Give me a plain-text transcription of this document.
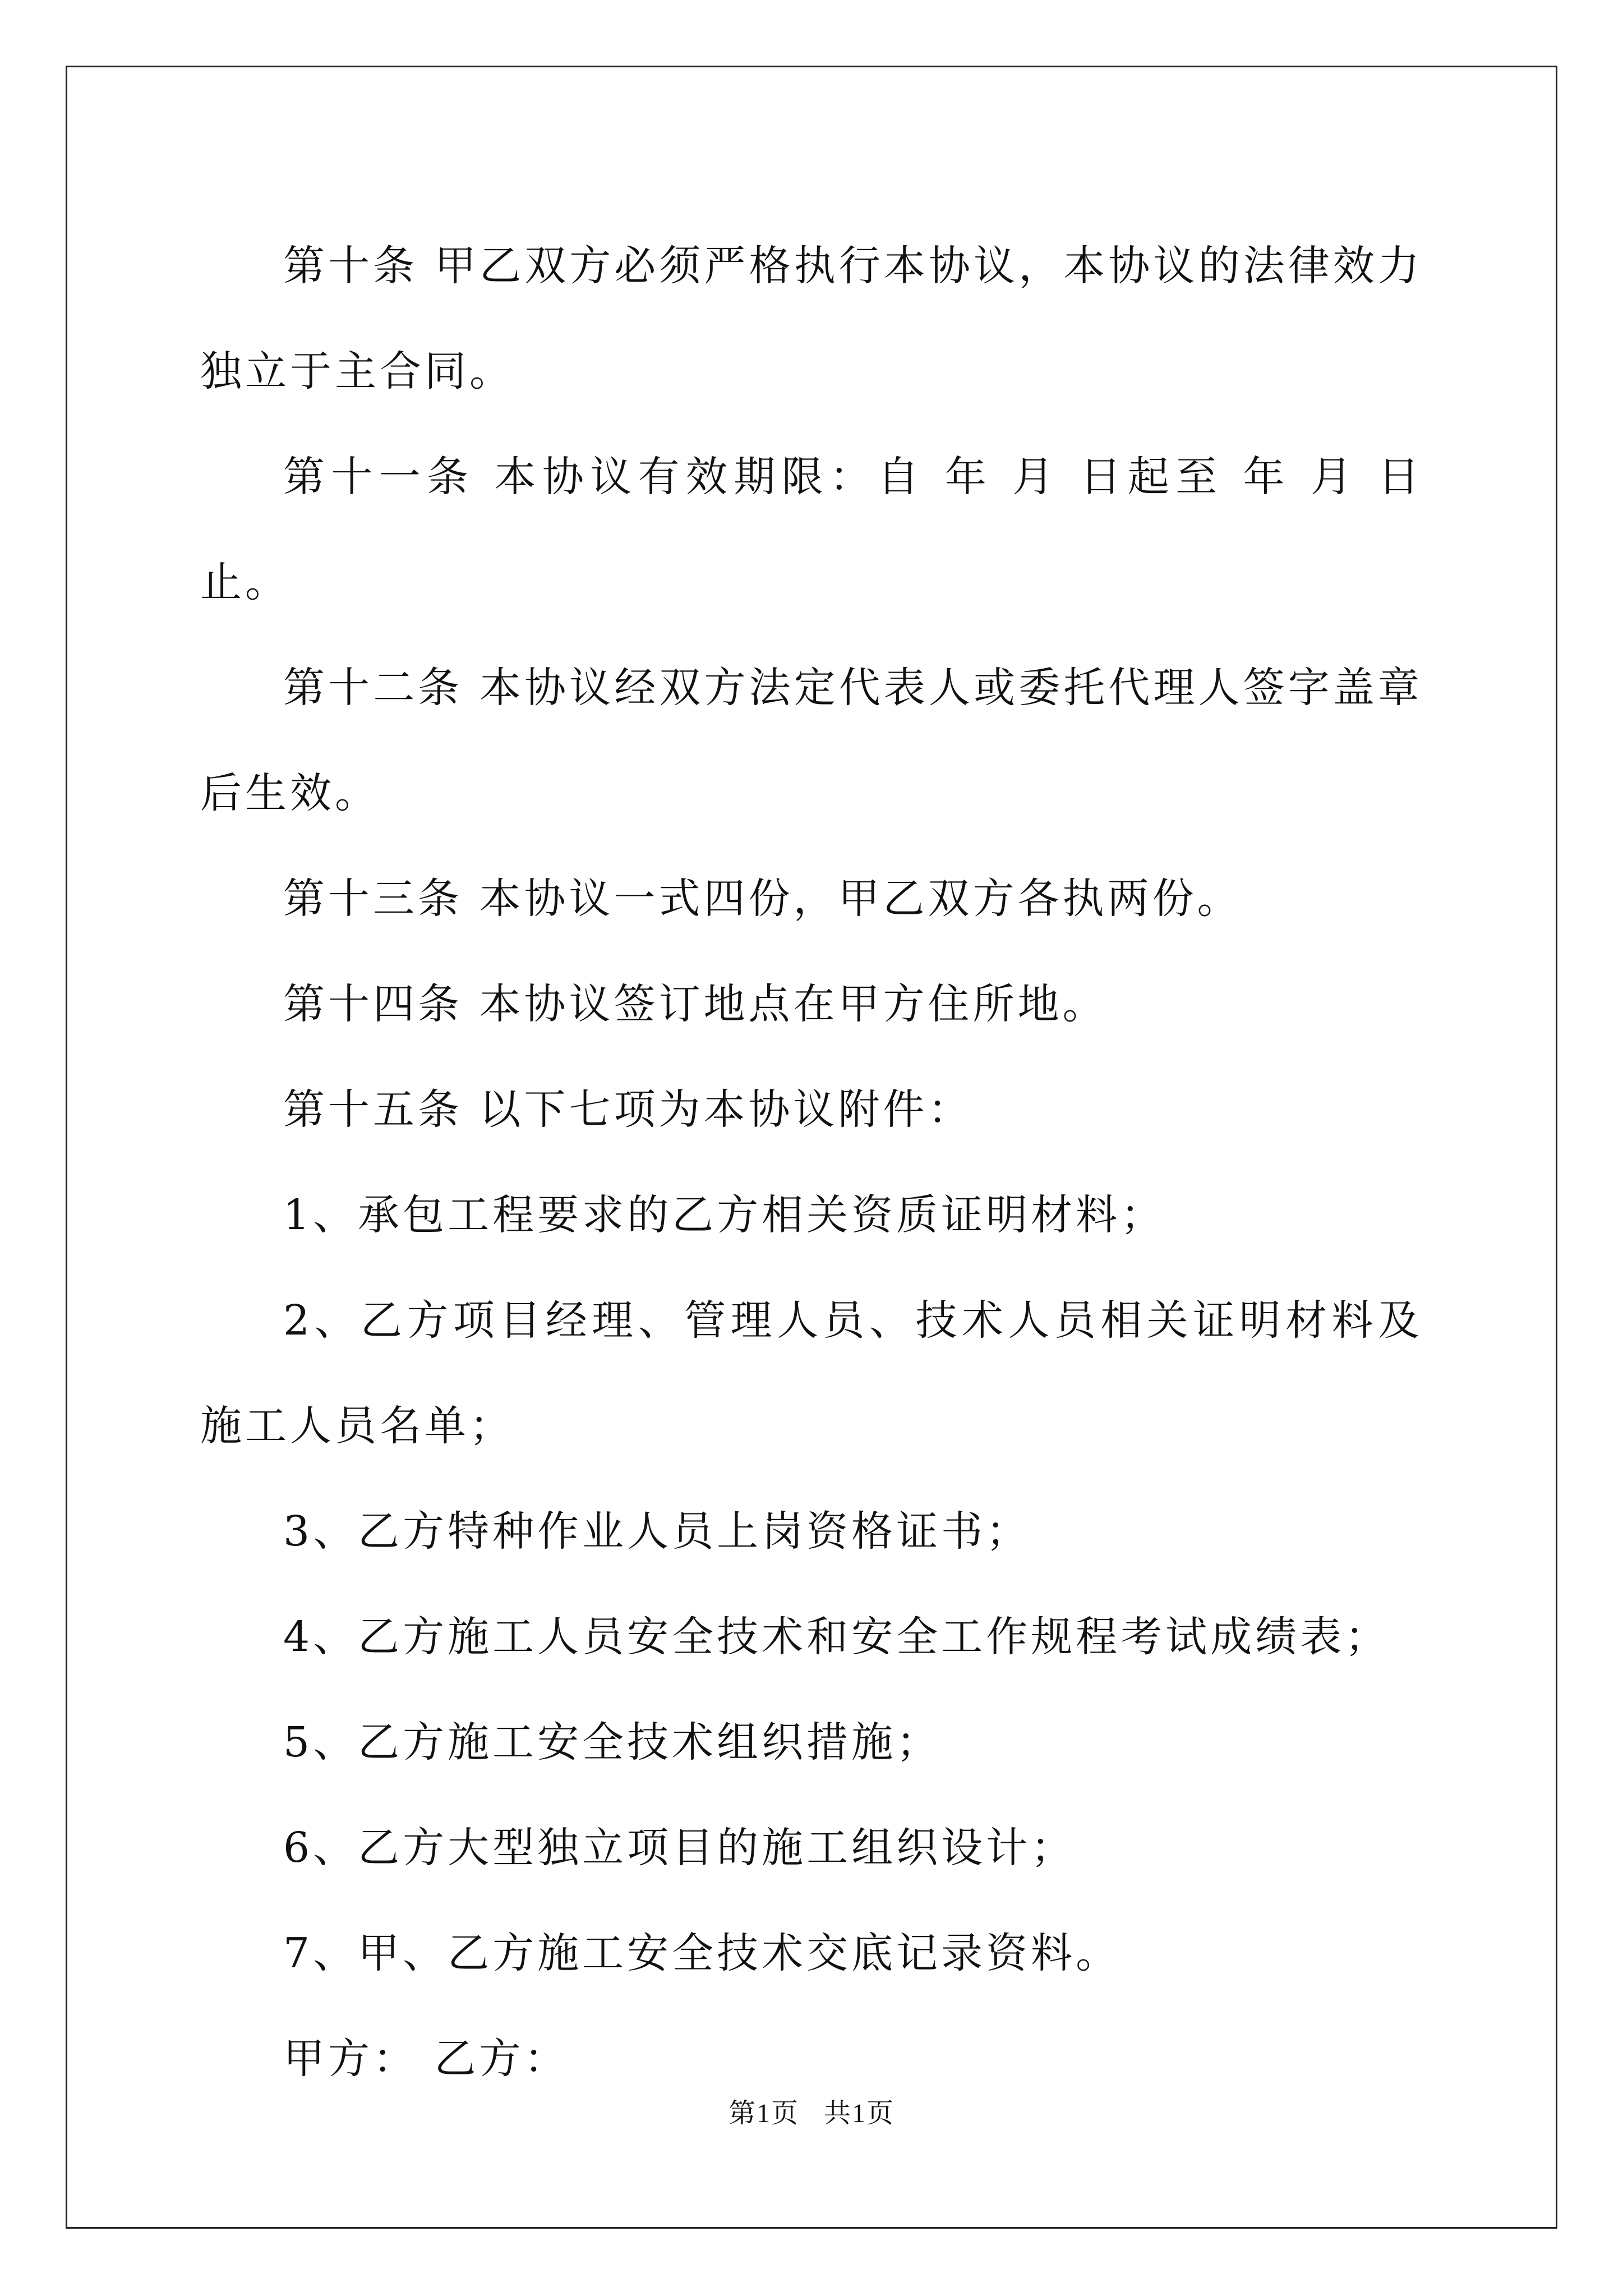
第十条 甲乙双方必须严格执行本协议，本协议的法律效力独立于主合同。

第十一条 本协议有效期限：自 年 月 日起至 年 月 日止。

第十二条 本协议经双方法定代表人或委托代理人签字盖章后生效。

第十三条 本协议一式四份，甲乙双方各执两份。

第十四条 本协议签订地点在甲方住所地。

第十五条 以下七项为本协议附件：

1、承包工程要求的乙方相关资质证明材料；

2、乙方项目经理、管理人员、技术人员相关证明材料及施工人员名单；

3、乙方特种作业人员上岗资格证书；

4、乙方施工人员安全技术和安全工作规程考试成绩表；

5、乙方施工安全技术组织措施；

6、乙方大型独立项目的施工组织设计；

7、甲、乙方施工安全技术交底记录资料。

甲方： 乙方：

第1页 共1页
